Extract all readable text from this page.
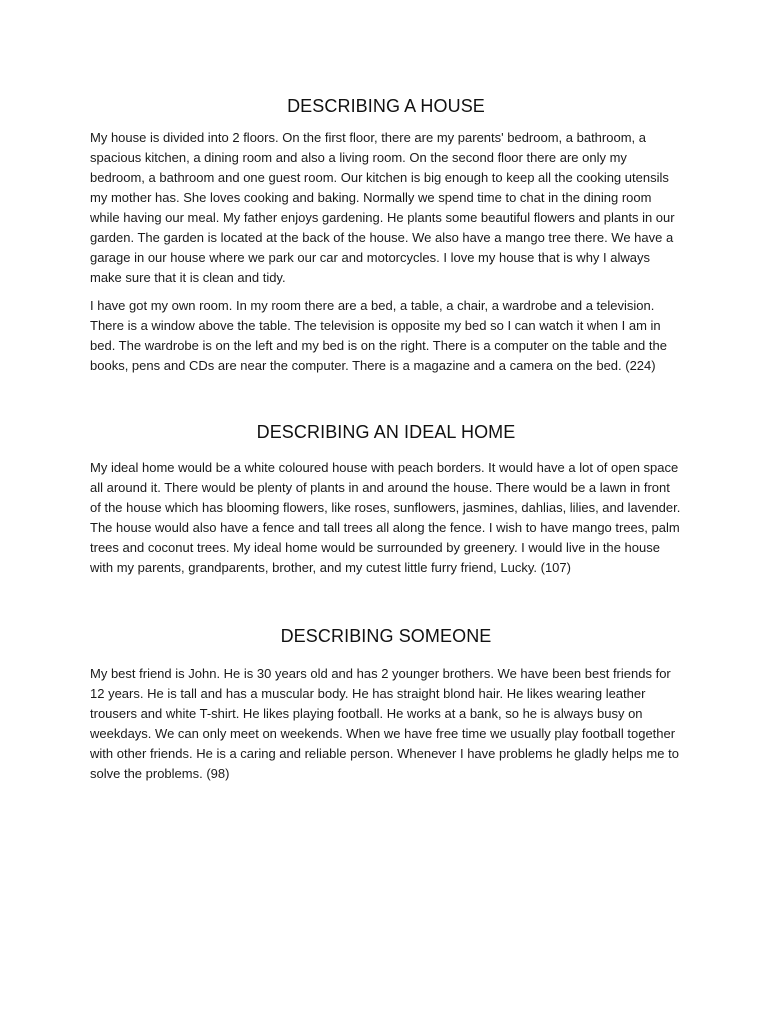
DESCRIBING A HOUSE

My house is divided into 2 floors. On the first floor, there are my parents' bedroom, a bathroom, a spacious kitchen, a dining room and also a living room. On the second floor there are only my bedroom, a bathroom and one guest room. Our kitchen is big enough to keep all the cooking utensils my mother has. She loves cooking and baking. Normally we spend time to chat in the dining room while having our meal. My father enjoys gardening. He plants some beautiful flowers and plants in our garden. The garden is located at the back of the house. We also have a mango tree there. We have a garage in our house where we park our car and motorcycles. I love my house that is why I always make sure that it is clean and tidy.

I have got my own room. In my room there are a bed, a table, a chair, a wardrobe and a television. There is a window above the table. The television is opposite my bed so I can watch it when I am in bed. The wardrobe is on the left and my bed is on the right. There is a computer on the table and the books, pens and CDs are near the computer. There is a magazine and a camera on the bed. (224)

DESCRIBING AN IDEAL HOME

My ideal home would be a white coloured house with peach borders. It would have a lot of open space all around it. There would be plenty of plants in and around the house. There would be a lawn in front of the house which has blooming flowers, like roses, sunflowers, jasmines, dahlias, lilies, and lavender. The house would also have a fence and tall trees all along the fence. I wish to have mango trees, palm trees and coconut trees. My ideal home would be surrounded by greenery. I would live in the house with my parents, grandparents, brother, and my cutest little furry friend, Lucky. (107)

DESCRIBING SOMEONE

My best friend is John. He is 30 years old and has 2 younger brothers. We have been best friends for 12 years. He is tall and has a muscular body. He has straight blond hair. He likes wearing leather trousers and white T-shirt. He likes playing football. He works at a bank, so he is always busy on weekdays. We can only meet on weekends. When we have free time we usually play football together with other friends. He is a caring and reliable person. Whenever I have problems he gladly helps me to solve the problems. (98)
